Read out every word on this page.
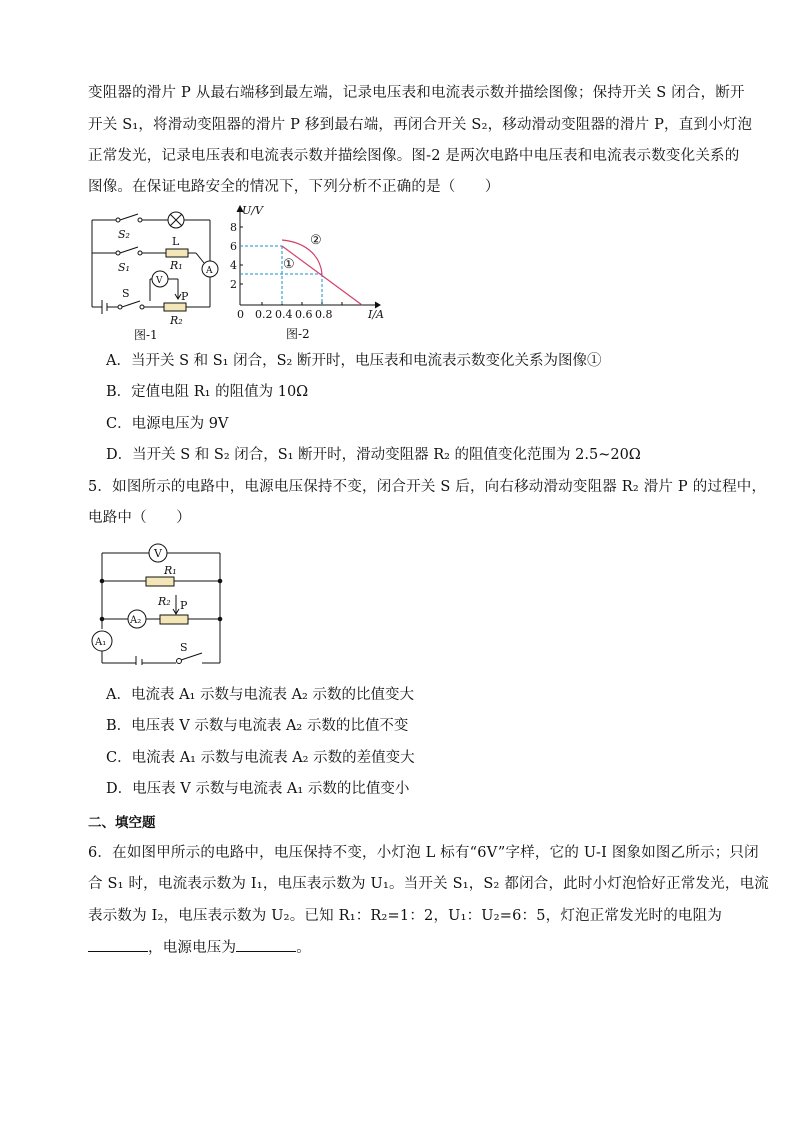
变阻器的滑片 P 从最右端移到最左端，记录电压表和电流表示数并描绘图像；保持开关 S 闭合，断开
开关 S₁，将滑动变阻器的滑片 P 移到最右端，再闭合开关 S₂，移动滑动变阻器的滑片 P，直到小灯泡
正常发光，记录电压表和电流表示数并描绘图像。图-2 是两次电路中电压表和电流表示数变化关系的
图像。在保证电路安全的情况下，下列分析不正确的是（　　）
S₂
L
S₁	R₁
V
A
S	P
R₂
图-1
U/V
8
6
4
2
0 0.2 0.4 0.6 0.8	I/A
②
①
图-2
A．当开关 S 和 S₁ 闭合，S₂ 断开时，电压表和电流表示数变化关系为图像①
B．定值电阻 R₁ 的阻值为 10Ω
C．电源电压为 9V
D．当开关 S 和 S₂ 闭合，S₁ 断开时，滑动变阻器 R₂ 的阻值变化范围为 2.5~20Ω
5．如图所示的电路中，电源电压保持不变，闭合开关 S 后，向右移动滑动变阻器 R₂ 滑片 P 的过程中，
电路中（　　）
V
R₁
R₂ P
A₂
A₁	S
A．电流表 A₁ 示数与电流表 A₂ 示数的比值变大
B．电压表 V 示数与电流表 A₂ 示数的比值不变
C．电流表 A₁ 示数与电流表 A₂ 示数的差值变大
D．电压表 V 示数与电流表 A₁ 示数的比值变小
二、填空题
6．在如图甲所示的电路中，电压保持不变，小灯泡 L 标有“6V”字样，它的 U-I 图象如图乙所示；只闭
合 S₁ 时，电流表示数为 I₁，电压表示数为 U₁。当开关 S₁，S₂ 都闭合，此时小灯泡恰好正常发光，电流
表示数为 I₂，电压表示数为 U₂。已知 R₁：R₂=1：2，U₁：U₂=6：5，灯泡正常发光时的电阻为
，电源电压为	。
